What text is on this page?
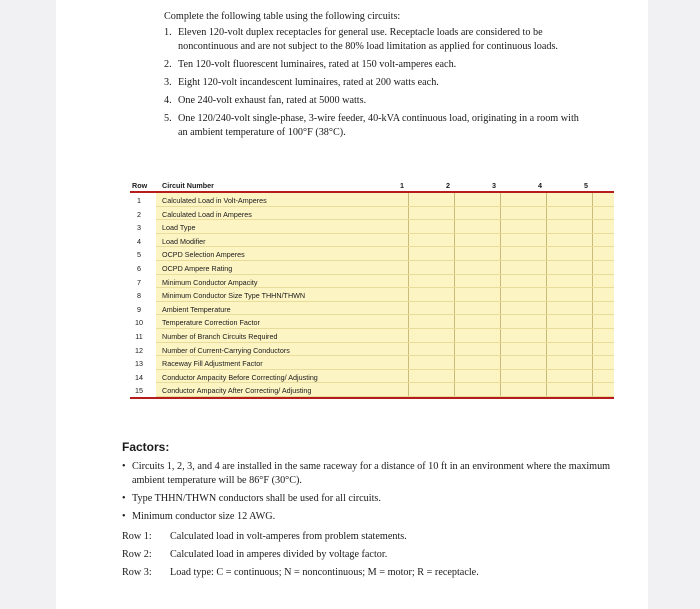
Complete the following table using the following circuits:

1. Eleven 120-volt duplex receptacles for general use. Receptacle loads are considered to be noncontinuous and are not subject to the 80% load limitation as applied for continuous loads.
2. Ten 120-volt fluorescent luminaires, rated at 150 volt-amperes each.
3. Eight 120-volt incandescent luminaires, rated at 200 watts each.
4. One 240-volt exhaust fan, rated at 5000 watts.
5. One 120/240-volt single-phase, 3-wire feeder, 40-kVA continuous load, originating in a room with an ambient temperature of 100°F (38°C).
Row Circuit Number	1	2	3	4	5
1	Calculated Load in Volt-Amperes
2	Calculated Load in Amperes
3	Load Type
4	Load Modifier
5	OCPD Selection Amperes
6	OCPD Ampere Rating
7	Minimum Conductor Ampacity
8	Minimum Conductor Size Type THHN/THWN
9	Ambient Temperature
10	Temperature Correction Factor
11	Number of Branch Circuits Required
12	Number of Current-Carrying Conductors
13	Raceway Fill Adjustment Factor
14	Conductor Ampacity Before Correcting/ Adjusting
15	Conductor Ampacity After Correcting/ Adjusting
Factors:
• Circuits 1, 2, 3, and 4 are installed in the same raceway for a distance of 10 ft in an environment where the maximum ambient temperature will be 86°F (30°C).
• Type THHN/THWN conductors shall be used for all circuits.
• Minimum conductor size 12 AWG.
Row 1: Calculated load in volt-amperes from problem statements.
Row 2: Calculated load in amperes divided by voltage factor.
Row 3: Load type: C = continuous; N = noncontinuous; M = motor; R = receptacle.
